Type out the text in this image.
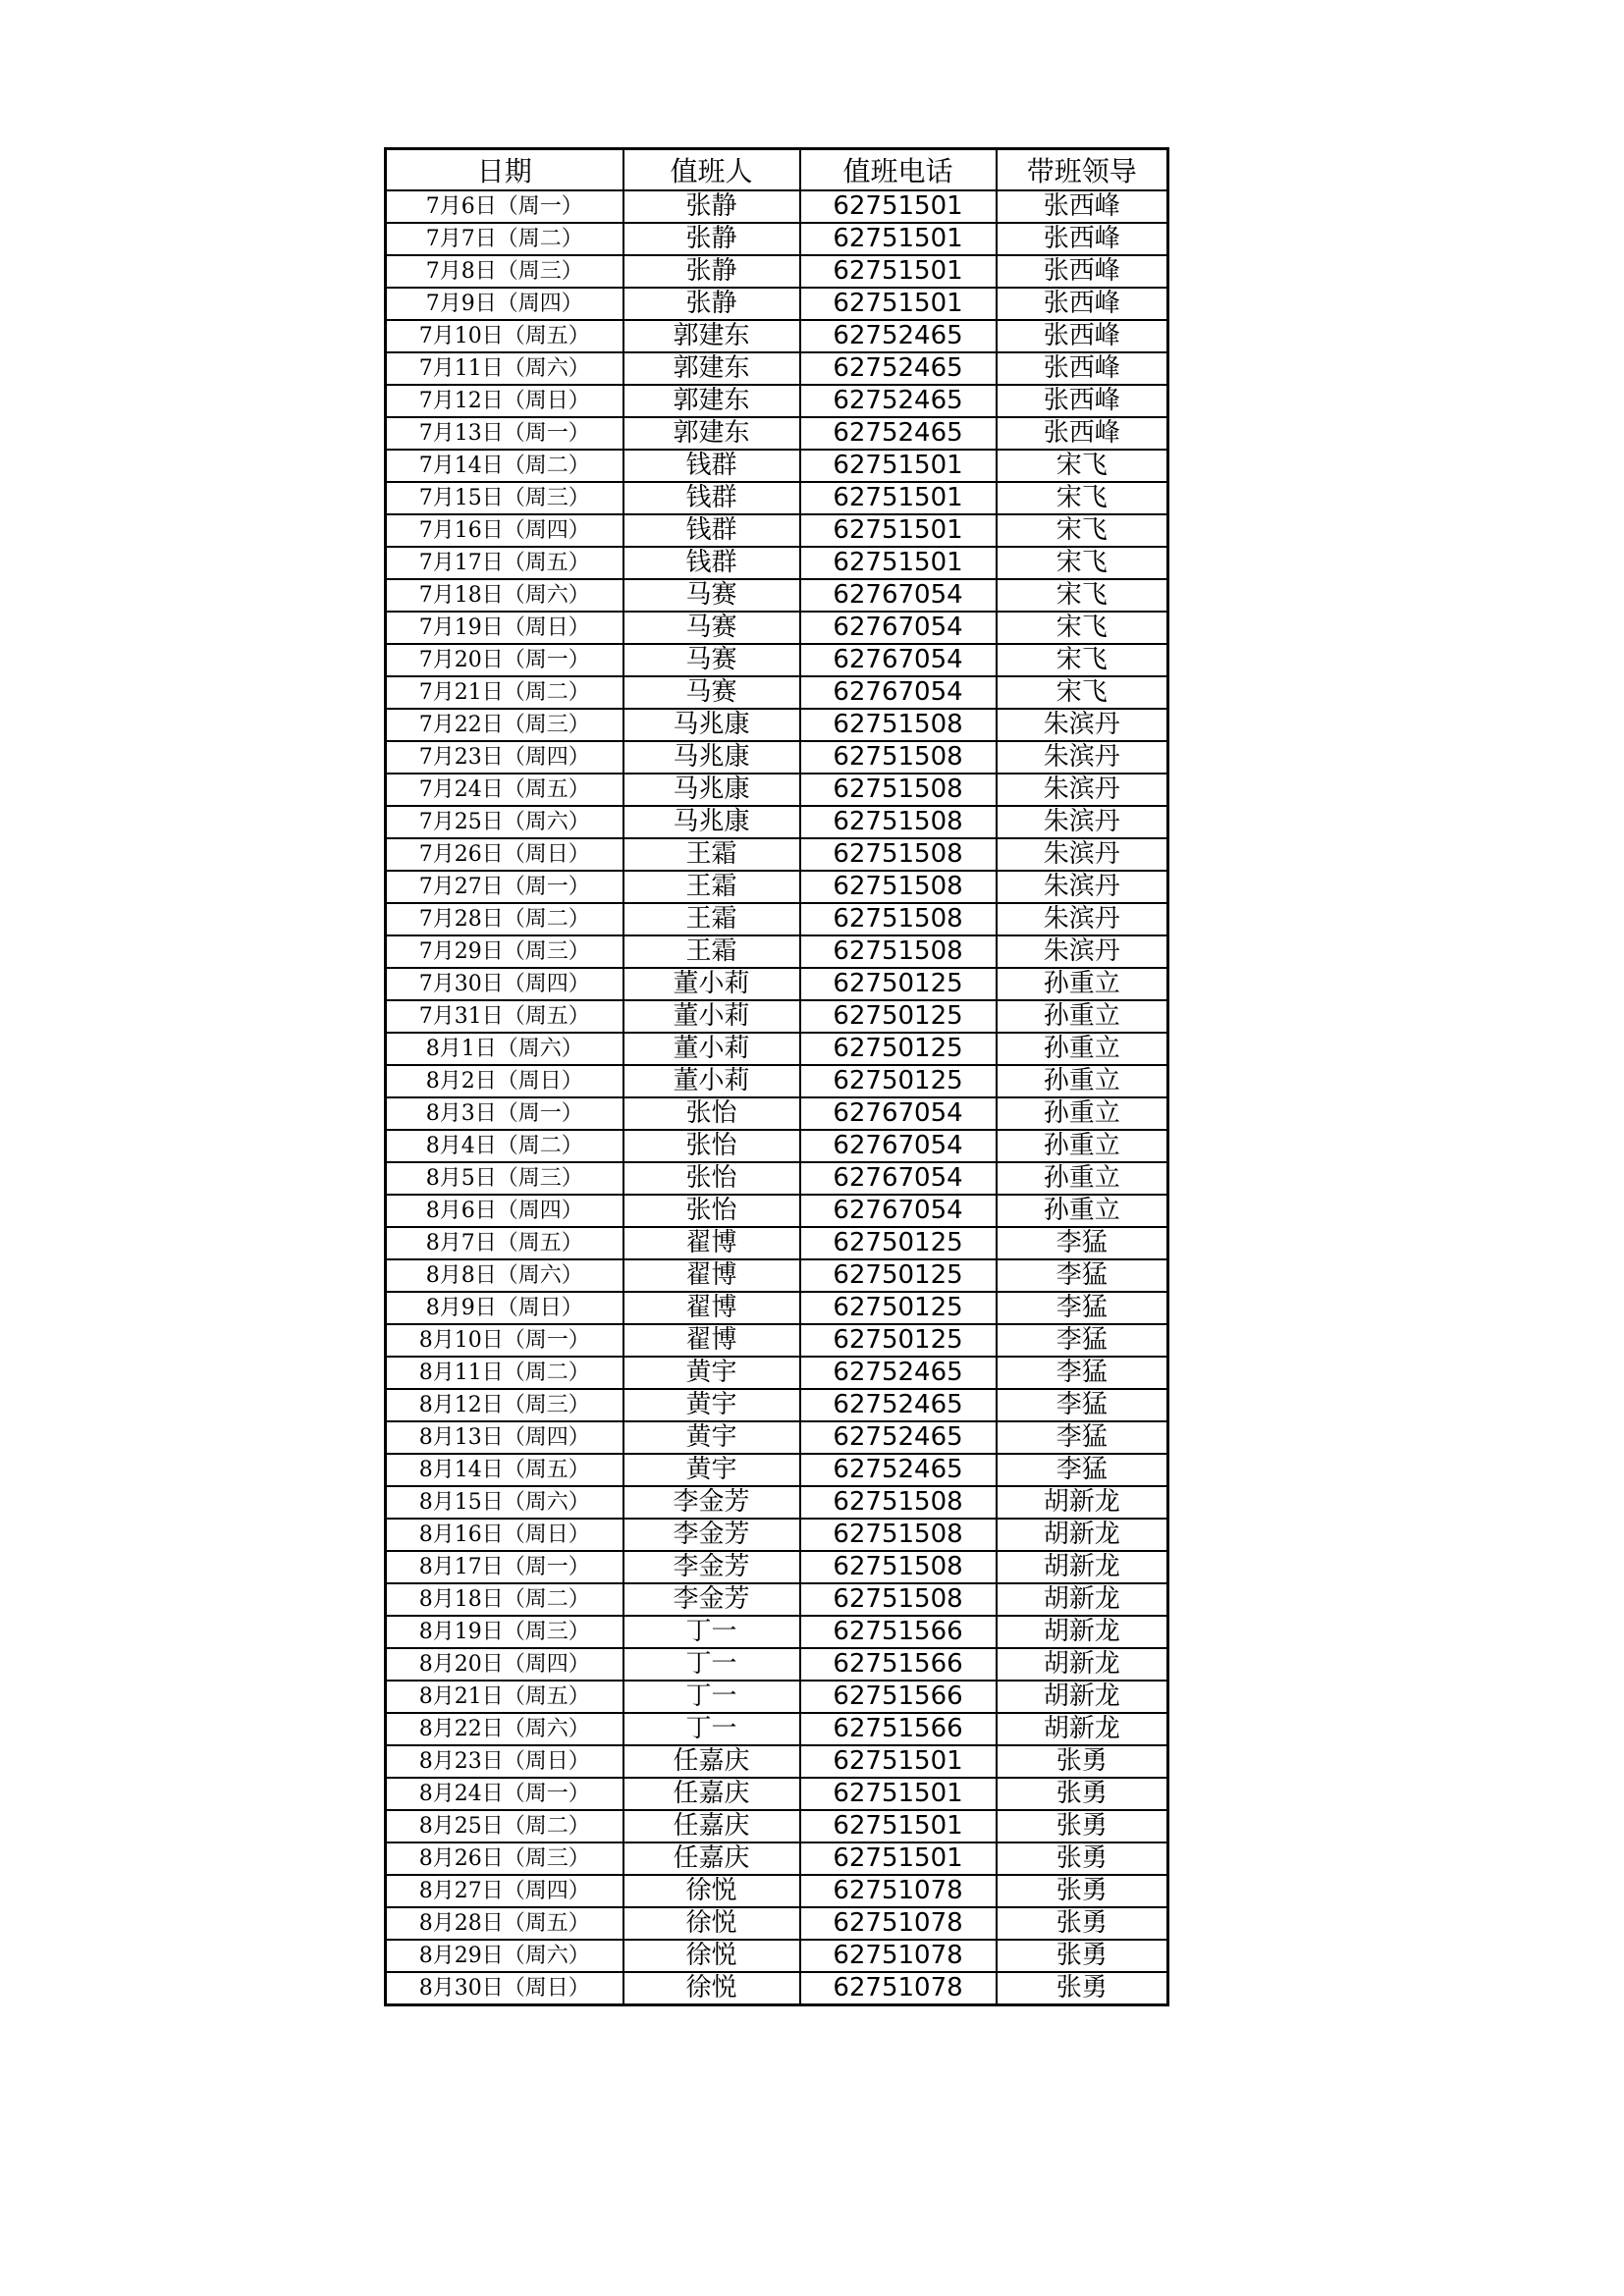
日期	值班人	值班电话	带班领导
7月6日（周一）	张静	62751501	张西峰
7月7日（周二）	张静	62751501	张西峰
7月8日（周三）	张静	62751501	张西峰
7月9日（周四）	张静	62751501	张西峰
7月10日（周五）	郭建东	62752465	张西峰
7月11日（周六）	郭建东	62752465	张西峰
7月12日（周日）	郭建东	62752465	张西峰
7月13日（周一）	郭建东	62752465	张西峰
7月14日（周二）	钱群	62751501	宋飞
7月15日（周三）	钱群	62751501	宋飞
7月16日（周四）	钱群	62751501	宋飞
7月17日（周五）	钱群	62751501	宋飞
7月18日（周六）	马赛	62767054	宋飞
7月19日（周日）	马赛	62767054	宋飞
7月20日（周一）	马赛	62767054	宋飞
7月21日（周二）	马赛	62767054	宋飞
7月22日（周三）	马兆康	62751508	朱滨丹
7月23日（周四）	马兆康	62751508	朱滨丹
7月24日（周五）	马兆康	62751508	朱滨丹
7月25日（周六）	马兆康	62751508	朱滨丹
7月26日（周日）	王霜	62751508	朱滨丹
7月27日（周一）	王霜	62751508	朱滨丹
7月28日（周二）	王霜	62751508	朱滨丹
7月29日（周三）	王霜	62751508	朱滨丹
7月30日（周四）	董小莉	62750125	孙重立
7月31日（周五）	董小莉	62750125	孙重立
8月1日（周六）	董小莉	62750125	孙重立
8月2日（周日）	董小莉	62750125	孙重立
8月3日（周一）	张怡	62767054	孙重立
8月4日（周二）	张怡	62767054	孙重立
8月5日（周三）	张怡	62767054	孙重立
8月6日（周四）	张怡	62767054	孙重立
8月7日（周五）	翟博	62750125	李猛
8月8日（周六）	翟博	62750125	李猛
8月9日（周日）	翟博	62750125	李猛
8月10日（周一）	翟博	62750125	李猛
8月11日（周二）	黄宇	62752465	李猛
8月12日（周三）	黄宇	62752465	李猛
8月13日（周四）	黄宇	62752465	李猛
8月14日（周五）	黄宇	62752465	李猛
8月15日（周六）	李金芳	62751508	胡新龙
8月16日（周日）	李金芳	62751508	胡新龙
8月17日（周一）	李金芳	62751508	胡新龙
8月18日（周二）	李金芳	62751508	胡新龙
8月19日（周三）	丁一	62751566	胡新龙
8月20日（周四）	丁一	62751566	胡新龙
8月21日（周五）	丁一	62751566	胡新龙
8月22日（周六）	丁一	62751566	胡新龙
8月23日（周日）	任嘉庆	62751501	张勇
8月24日（周一）	任嘉庆	62751501	张勇
8月25日（周二）	任嘉庆	62751501	张勇
8月26日（周三）	任嘉庆	62751501	张勇
8月27日（周四）	徐悦	62751078	张勇
8月28日（周五）	徐悦	62751078	张勇
8月29日（周六）	徐悦	62751078	张勇
8月30日（周日）	徐悦	62751078	张勇
